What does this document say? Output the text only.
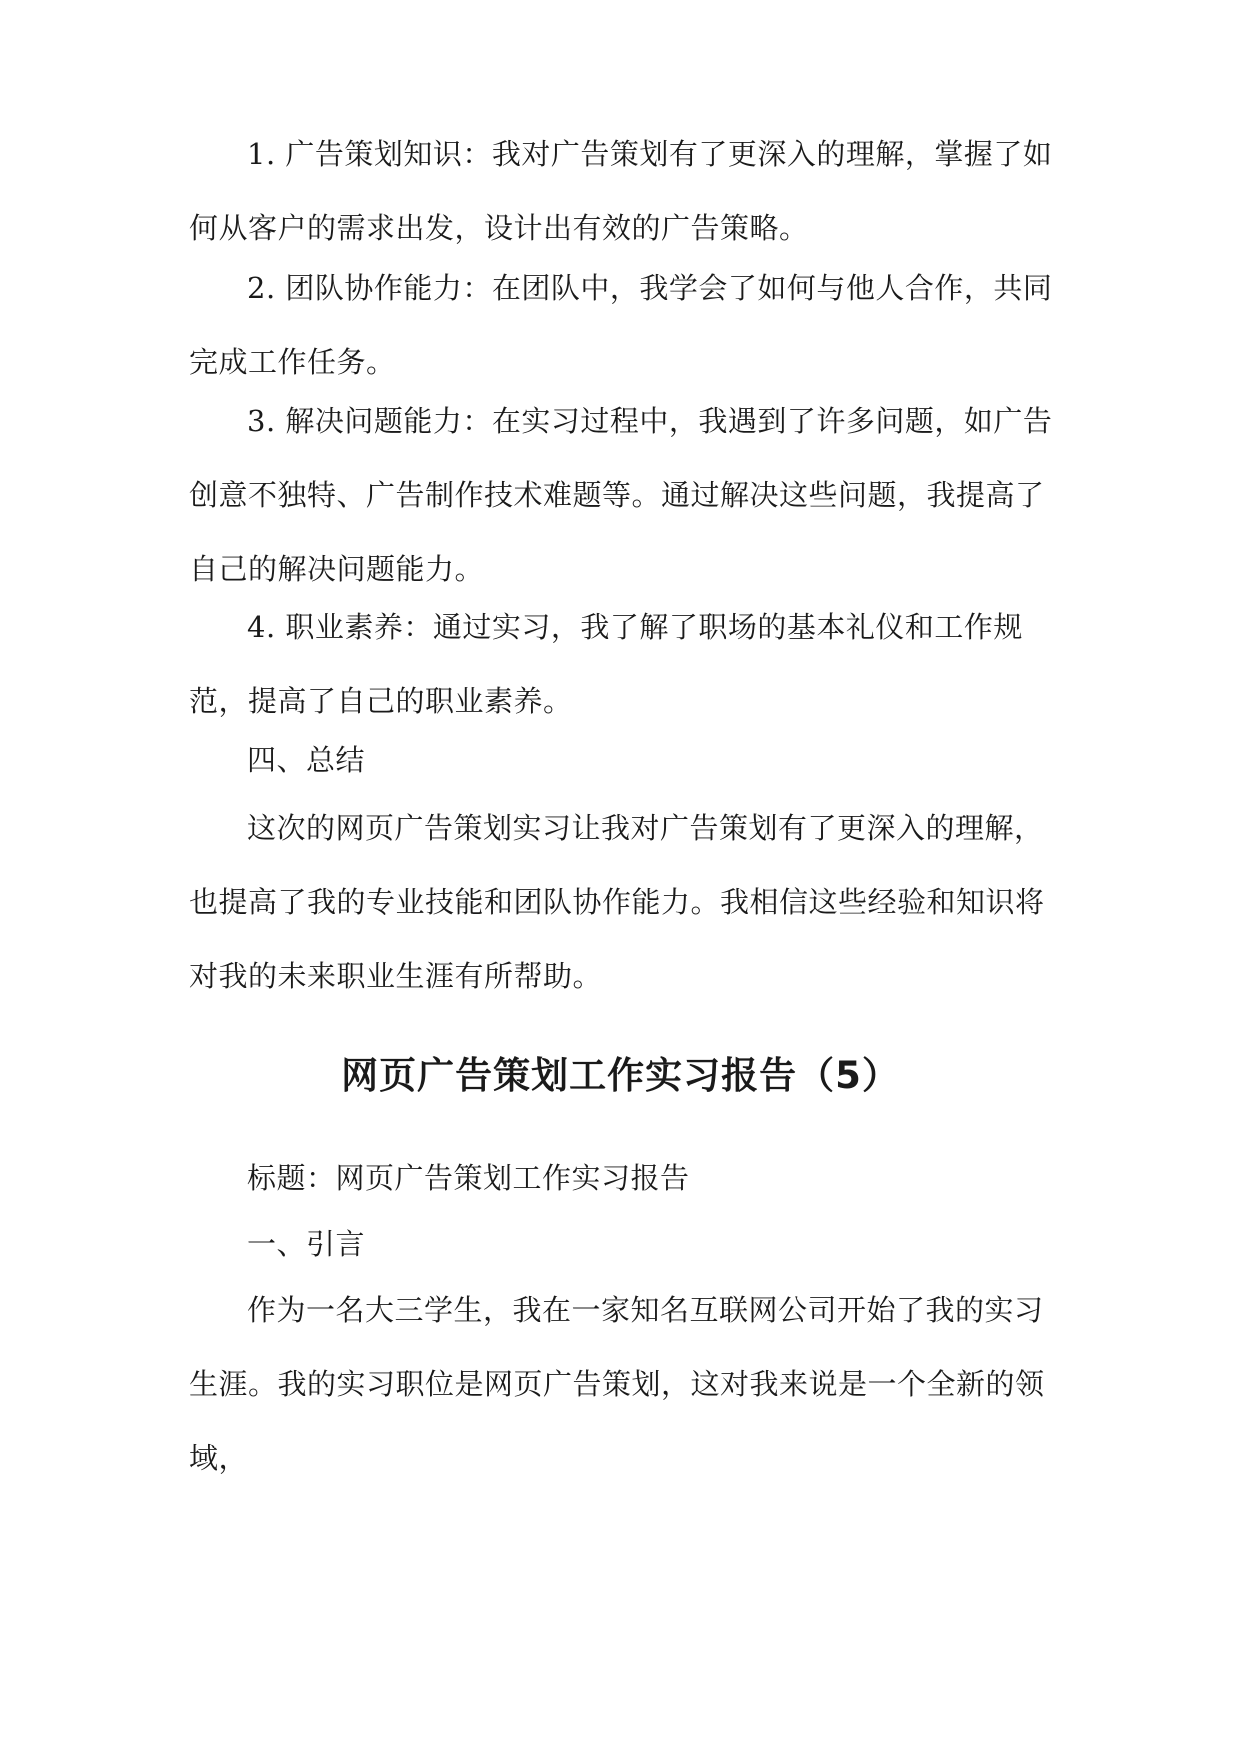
1. 广告策划知识：我对广告策划有了更深入的理解，掌握了如何从客户的需求出发，设计出有效的广告策略。

2. 团队协作能力：在团队中，我学会了如何与他人合作，共同完成工作任务。

3. 解决问题能力：在实习过程中，我遇到了许多问题，如广告创意不独特、广告制作技术难题等。通过解决这些问题，我提高了自己的解决问题能力。

4. 职业素养：通过实习，我了解了职场的基本礼仪和工作规范，提高了自己的职业素养。

四、总结

这次的网页广告策划实习让我对广告策划有了更深入的理解，也提高了我的专业技能和团队协作能力。我相信这些经验和知识将对我的未来职业生涯有所帮助。

网页广告策划工作实习报告（5）

标题：网页广告策划工作实习报告

一、引言

作为一名大三学生，我在一家知名互联网公司开始了我的实习生涯。我的实习职位是网页广告策划，这对我来说是一个全新的领域，
